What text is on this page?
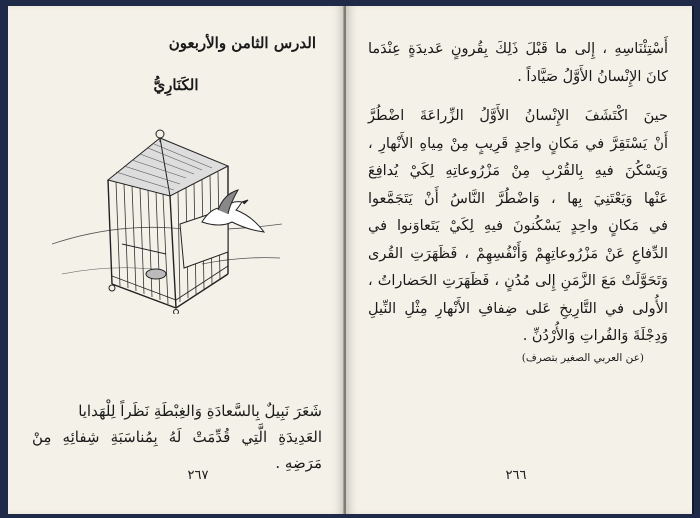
الدرس الثامن والأربعون
الكَنَارِيُّ

شَعَرَ نَبِيلٌ بِالسَّعادَةِ وَالغِبْطَةِ نَظَراً لِلْهَدايا

العَدِيدَةِ الَّتِي قُدِّمَتْ لَهُ بِمُناسَبَةِ شِفائِهِ مِنْ مَرَضِهِ .

٢٦٧

أَسْتِئْنَاسِهِ ، إِلى ما قَبْلَ ذَلِكَ بِقُرونٍ عَديدَةٍ عِنْدَما
كانَ الإِنْسانُ الأَوَّلُ صَيَّاداً .

حينَ اكْتَشَفَ الإِنْسانُ الأَوَّلُ الزِّراعَةَ اضْطُرَّ
أَنْ يَسْتَقِرَّ في مَكانٍ واحِدٍ قَرِيبٍ مِنْ مِياهِ الأَنْهارِ ،
وَيَسْكُنَ فيهِ بِالقُرْبِ مِنْ مَزْرُوعاتِهِ لِكَيْ يُدافِعَ
عَنْها وَيَعْتَنِيَ بِها ، وَاضْطُرَّ النَّاسُ أَنْ يَتَجَمَّعوا
في مَكانٍ واحِدٍ يَسْكُنونَ فيهِ لِكَيْ يَتَعاوَنوا في
الدِّفاعِ عَنْ مَزْرُوعاتِهِمْ وَأَنْفُسِهِمْ ، فَظَهَرَتِ القُرى
وَتَحَوَّلَتْ مَعَ الزَّمَنِ إِلى مُدُنٍ ، فَظَهَرَتِ الحَضاراتُ ،
الأُولى في التَّارِيخِ عَلى ضِفافِ الأَنْهارِ مِثْلِ النِّيلِ
وَدِجْلَةَ وَالفُراتِ وَالأُرْدُنِّ .

(عن العربي الصغير بتصرف)
٢٦٦
